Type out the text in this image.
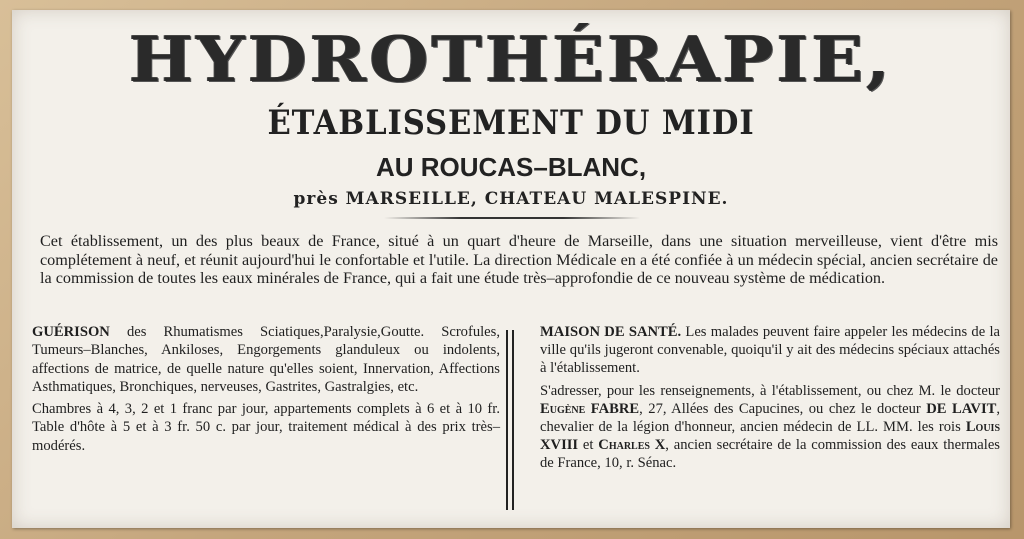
HYDROTHÉRAPIE,
ÉTABLISSEMENT DU MIDI
AU ROUCAS–BLANC,
près MARSEILLE, CHATEAU MALESPINE.
Cet établissement, un des plus beaux de France, situé à un quart d'heure de Marseille, dans une situation merveilleuse, vient d'être mis complétement à neuf, et réunit aujourd'hui le confortable et l'utile. La direction Médicale en a été confiée à un médecin spécial, ancien secrétaire de la commission de toutes les eaux minérales de France, qui a fait une étude très–approfondie de ce nouveau système de médication.

GUÉRISON des Rhumatismes Sciatiques,Paralysie,Goutte. Scrofules, Tumeurs–Blanches, Ankiloses, Engorgements glanduleux ou indolents, affections de matrice, de quelle nature qu'elles soient, Innervation, Affections Asthmatiques, Bronchiques, nerveuses, Gastrites, Gastralgies, etc.

Chambres à 4, 3, 2 et 1 franc par jour, appartements complets à 6 et à 10 fr. Table d'hôte à 5 et à 3 fr. 50 c. par jour, traitement médical à des prix très–modérés.

MAISON DE SANTÉ. Les malades peuvent faire appeler les médecins de la ville qu'ils jugeront convenable, quoiqu'il y ait des médecins spéciaux attachés à l'établissement.

S'adresser, pour les renseignements, à l'établissement, ou chez M. le docteur Eugène FABRE, 27, Allées des Capucines, ou chez le docteur DE LAVIT, chevalier de la légion d'honneur, ancien médecin de LL. MM. les rois Louis XVIII et Charles X, ancien secrétaire de la commission des eaux thermales de France, 10, r. Sénac.
